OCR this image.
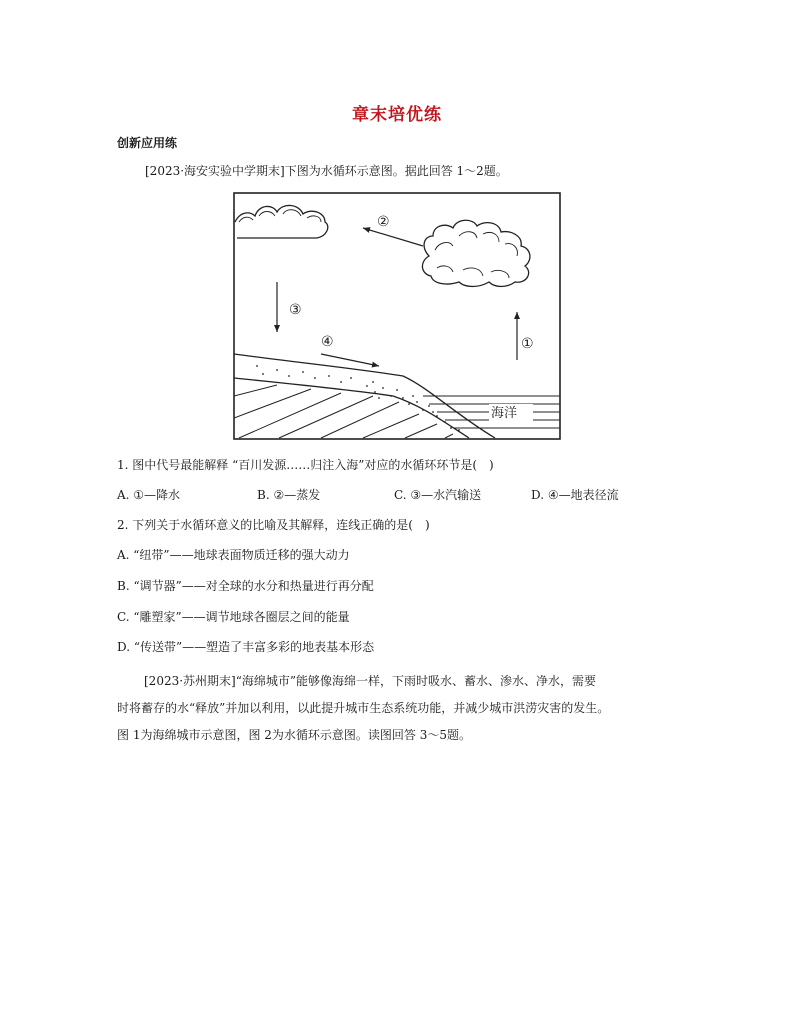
章末培优练
创新应用练
[2023·海安实验中学期末]下图为水循环示意图。据此回答 1～2题。
②
③
④	①
海洋
1. 图中代号最能解释 “百川发源……归注入海”对应的水循环环节是(　)
A. ①—降水	B. ②—蒸发	C. ③—水汽输送	D. ④—地表径流
2. 下列关于水循环意义的比喻及其解释，连线正确的是(　)
A. “纽带”——地球表面物质迁移的强大动力
B. “调节器”——对全球的水分和热量进行再分配
C. “雕塑家”——调节地球各圈层之间的能量
D. “传送带”——塑造了丰富多彩的地表基本形态
[2023·苏州期末]“海绵城市”能够像海绵一样，下雨时吸水、蓄水、渗水、净水，需要
时将蓄存的水“释放”并加以利用，以此提升城市生态系统功能，并减少城市洪涝灾害的发生。
图 1为海绵城市示意图，图 2为水循环示意图。读图回答 3～5题。
